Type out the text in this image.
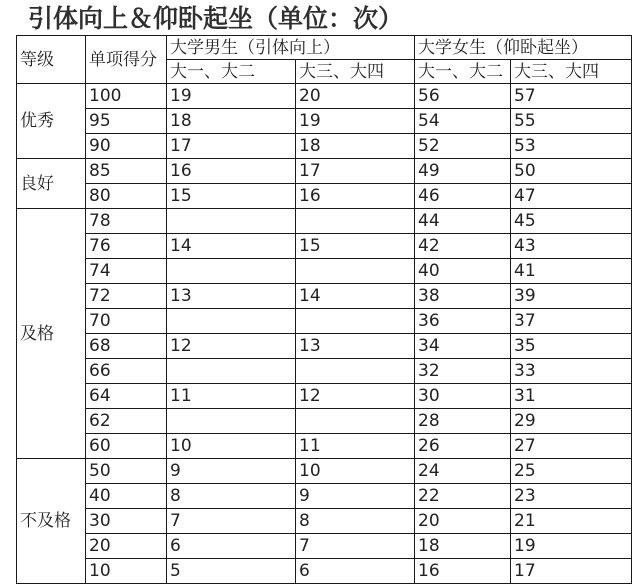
引体向上＆仰卧起坐（单位：次）
等级	单项得分	大学男生（引体向上）		大学女生（仰卧起坐）	
		大一、大二	大三、大四	大一、大二	大三、大四
优秀	100	19	20	56	57
	95	18	19	54	55
	90	17	18	52	53
良好	85	16	17	49	50
	80	15	16	46	47
及格	78			44	45
	76	14	15	42	43
	74			40	41
	72	13	14	38	39
	70			36	37
	68	12	13	34	35
	66			32	33
	64	11	12	30	31
	62			28	29
	60	10	11	26	27
不及格	50	9	10	24	25
	40	8	9	22	23
	30	7	8	20	21
	20	6	7	18	19
	10	5	6	16	17
